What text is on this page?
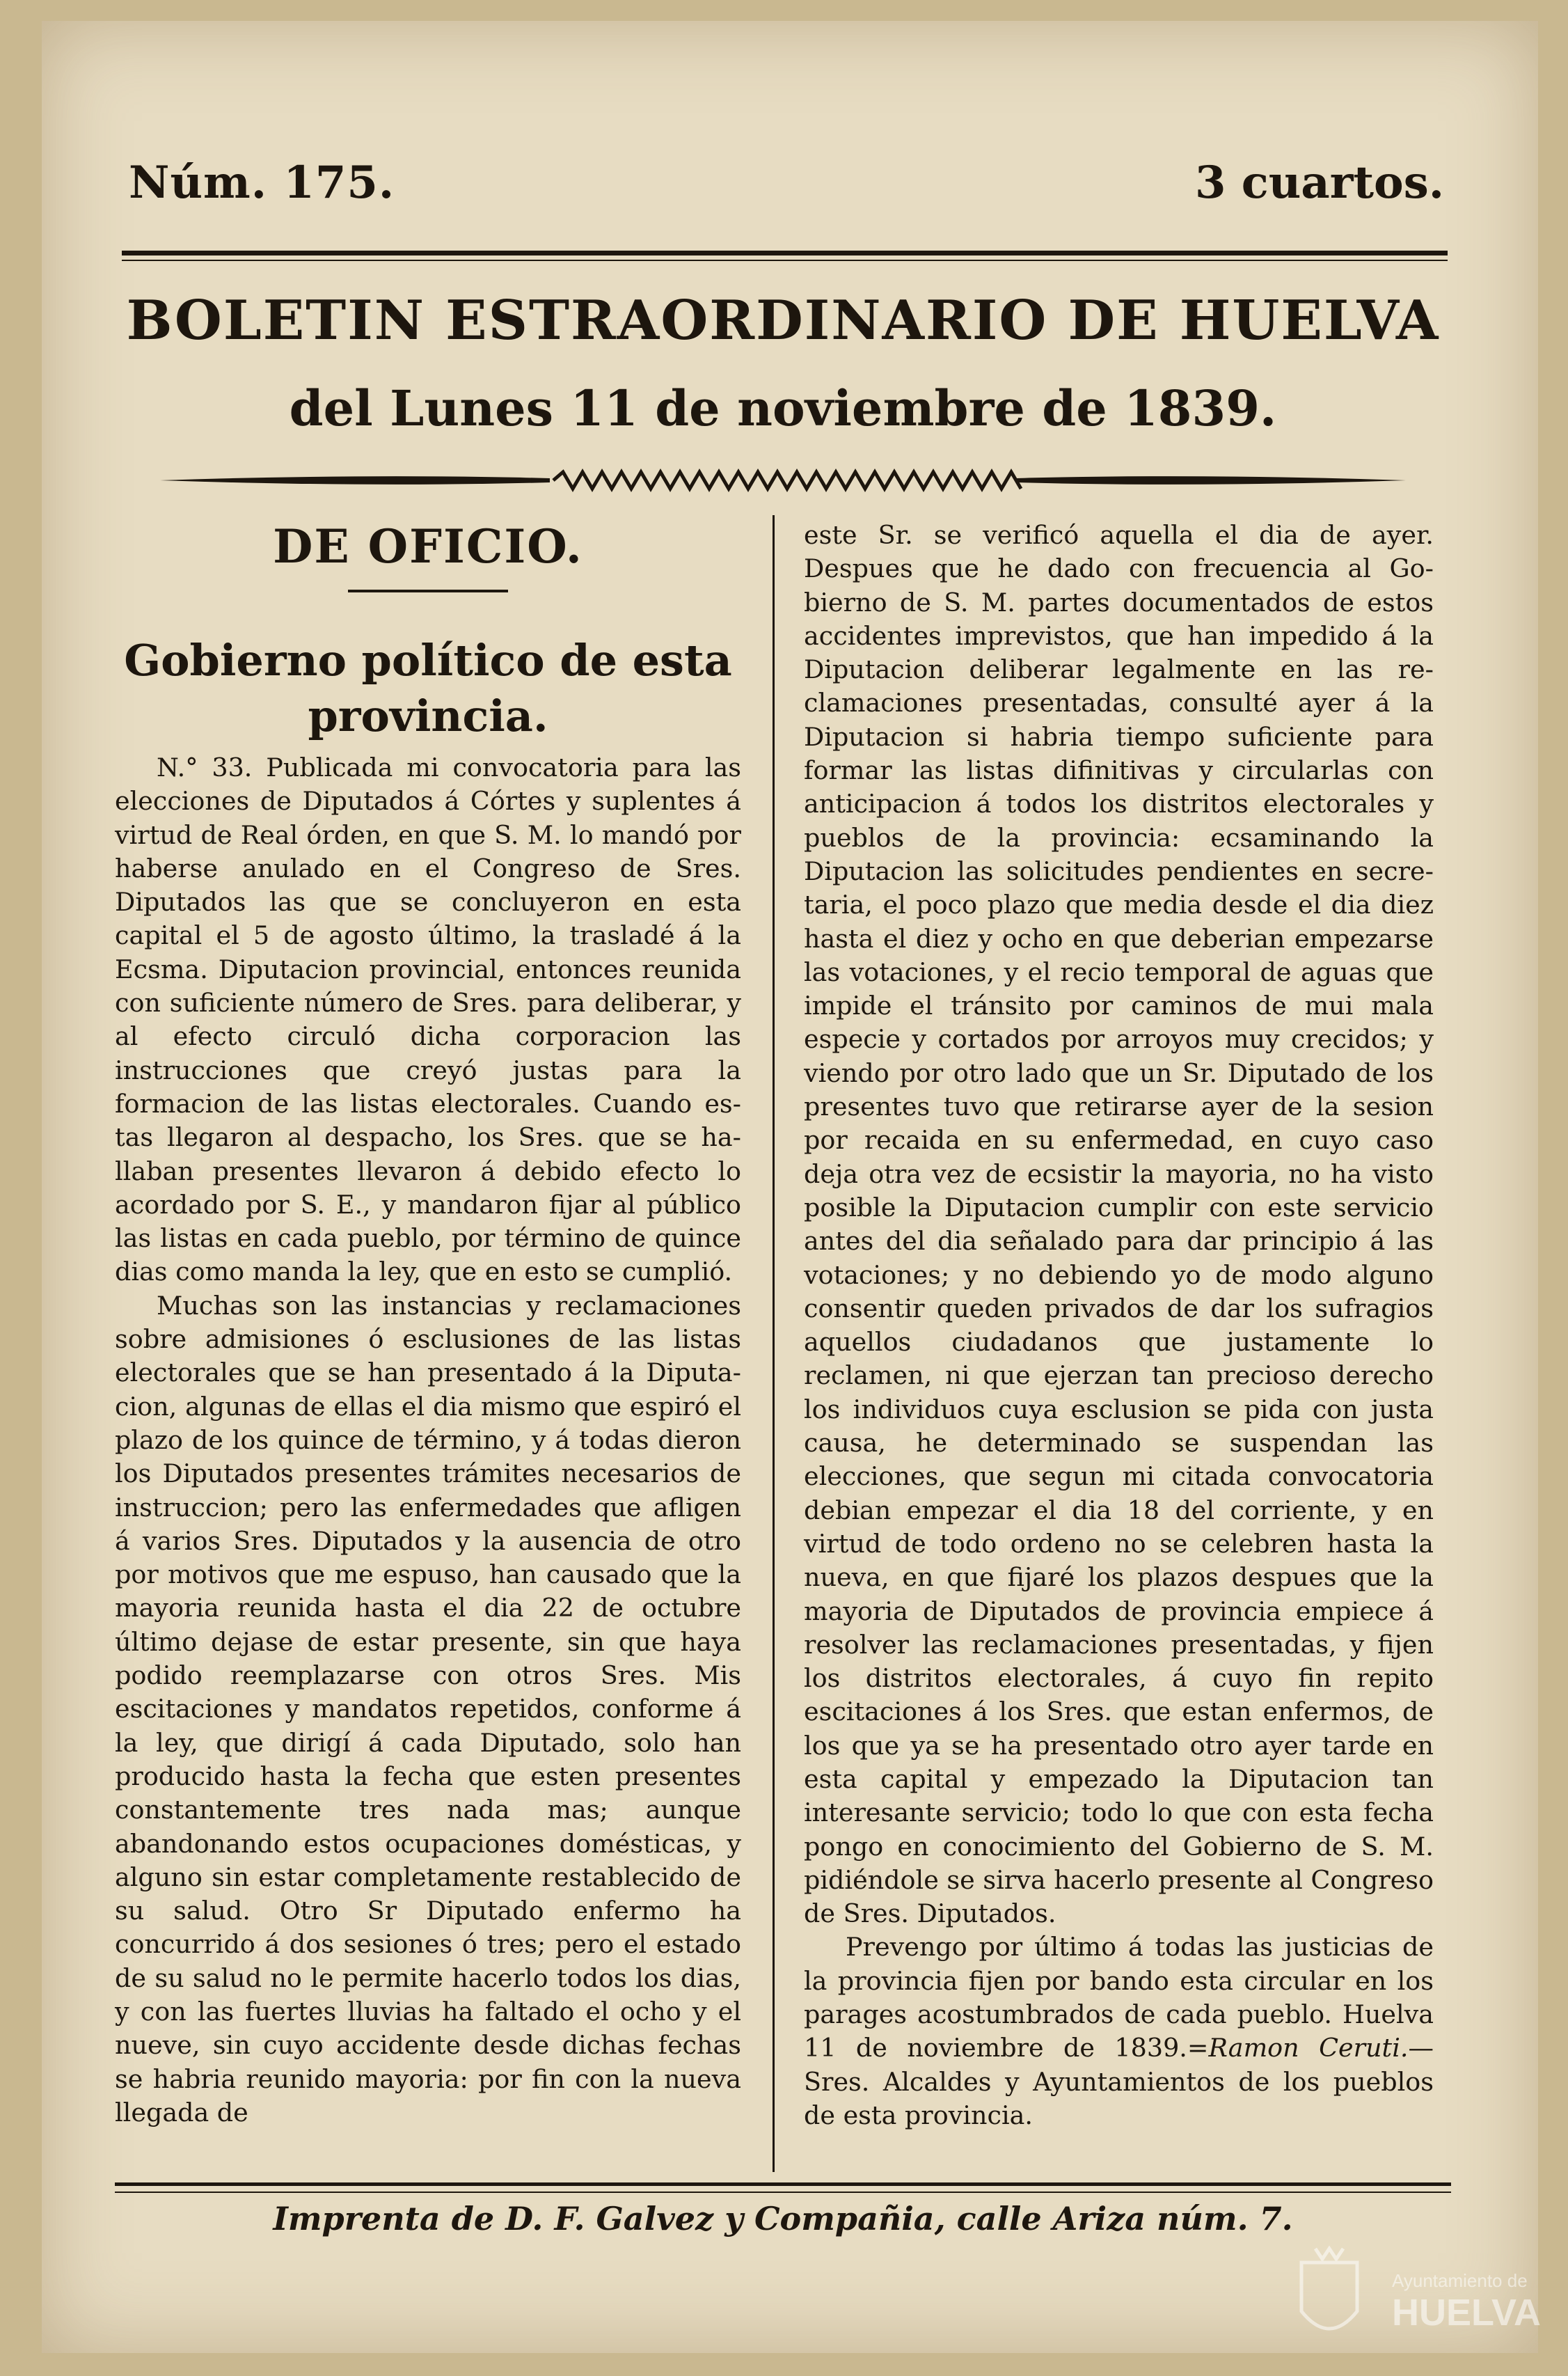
Núm. 175.	3 cuartos.
BOLETIN ESTRAORDINARIO DE HUELVA
del Lunes 11 de noviembre de 1839.
DE OFICIO.
Gobierno político de esta provincia.

N.° 33. Publicada mi convocatoria para las elecciones de Diputados á Córtes y suplentes á virtud de Real órden, en que S. M. lo mandó por haberse anulado en el Congreso de Sres. Diputados las que se concluyeron en esta capital el 5 de agosto último, la trasladé á la Ecsma. Diputacion provincial, entonces reunida con suficiente número de Sres. para deliberar, y al efecto circuló dicha corporacion las instrucciones que creyó justas para la formacion de las listas electorales. Cuando estas llegaron al despacho, los Sres. que se hallaban presentes llevaron á debido efecto lo acordado por S. E., y mandaron fijar al público las listas en cada pueblo, por término de quince dias como manda la ley, que en esto se cumplió.

Muchas son las instancias y reclamaciones sobre admisiones ó esclusiones de las listas electorales que se han presentado á la Diputacion, algunas de ellas el dia mismo que espiró el plazo de los quince de término, y á todas dieron los Diputados presentes trámites necesarios de instruccion; pero las enfermedades que afligen á varios Sres. Diputados y la ausencia de otro por motivos que me espuso, han causado que la mayoria reunida hasta el dia 22 de octubre último dejase de estar presente, sin que haya podido reemplazarse con otros Sres. Mis escitaciones y mandatos repetidos, conforme á la ley, que dirigí á cada Diputado, solo han producido hasta la fecha que esten presentes constantemente tres nada mas; aunque abandonando estos ocupaciones domésticas, y alguno sin estar completamente restablecido de su salud. Otro Sr Diputado enfermo ha concurrido á dos sesiones ó tres; pero el estado de su salud no le permite hacerlo todos los dias, y con las fuertes lluvias ha faltado el ocho y el nueve, sin cuyo accidente desde dichas fechas se habria reunido mayoria: por fin con la nueva llegada de

este Sr. se verificó aquella el dia de ayer. Despues que he dado con frecuencia al Gobierno de S. M. partes documentados de estos accidentes imprevistos, que han impedido á la Diputacion deliberar legalmente en las reclamaciones presentadas, consulté ayer á la Diputacion si habria tiempo suficiente para formar las listas difinitivas y circularlas con anticipacion á todos los distritos electorales y pueblos de la provincia: ecsaminando la Diputacion las solicitudes pendientes en secretaria, el poco plazo que media desde el dia diez hasta el diez y ocho en que deberian empezarse las votaciones, y el recio temporal de aguas que impide el tránsito por caminos de mui mala especie y cortados por arroyos muy crecidos; y viendo por otro lado que un Sr. Diputado de los presentes tuvo que retirarse ayer de la sesion por recaida en su enfermedad, en cuyo caso deja otra vez de ecsistir la mayoria, no ha visto posible la Diputacion cumplir con este servicio antes del dia señalado para dar principio á las votaciones; y no debiendo yo de modo alguno consentir queden privados de dar los sufragios aquellos ciudadanos que justamente lo reclamen, ni que ejerzan tan precioso derecho los individuos cuya esclusion se pida con justa causa, he determinado se suspendan las elecciones, que segun mi citada convocatoria debian empezar el dia 18 del corriente, y en virtud de todo ordeno no se celebren hasta la nueva, en que fijaré los plazos despues que la mayoria de Diputados de provincia empiece á resolver las reclamaciones presentadas, y fijen los distritos electorales, á cuyo fin repito escitaciones á los Sres. que estan enfermos, de los que ya se ha presentado otro ayer tarde en esta capital y empezado la Diputacion tan interesante servicio; todo lo que con esta fecha pongo en conocimiento del Gobierno de S. M. pidiéndole se sirva hacerlo presente al Congreso de Sres. Diputados.

Prevengo por último á todas las justicias de la provincia fijen por bando esta circular en los parages acostumbrados de cada pueblo. Huelva 11 de noviembre de 1839.=Ramon Ceruti.—Sres. Alcaldes y Ayuntamientos de los pueblos de esta provincia.

Imprenta de D. F. Galvez y Compañia, calle Ariza núm. 7.
Ayuntamiento de
HUELVA
